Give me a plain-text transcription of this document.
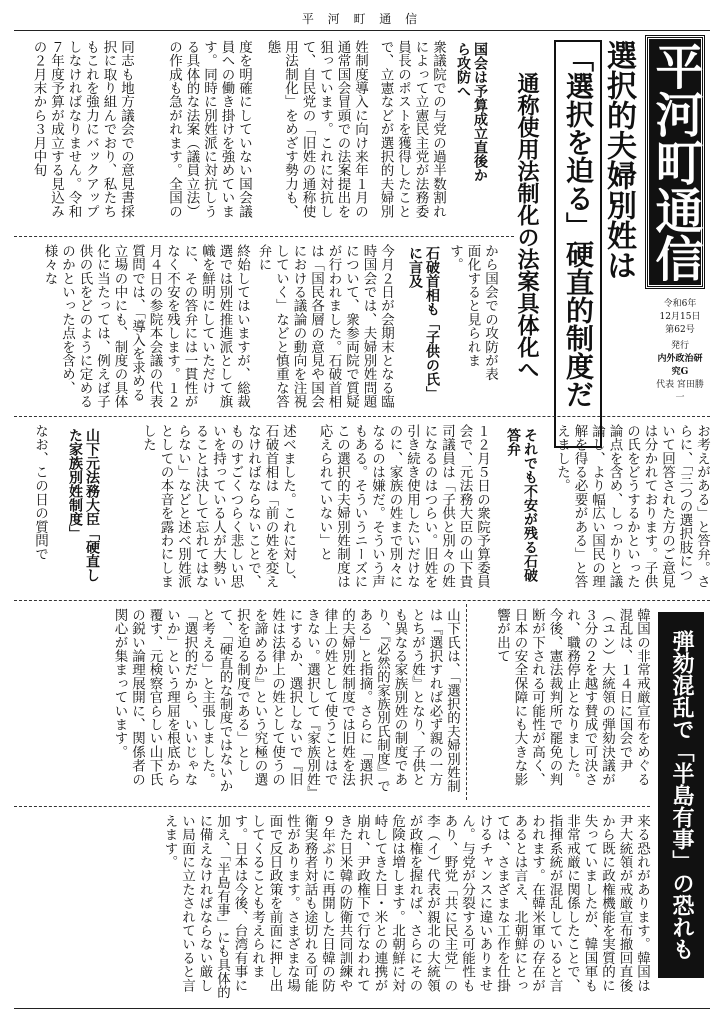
平 河 町 通 信
平河町通信
令和6年
12月15日
第62号
発行
内外政治研究G
代表 宮田勝一
選択的夫婦別姓は
「選択を迫る」硬直的制度だ
通称使用法制化の法案具体化へ
国会は予算成立直後から攻防へ
衆議院での与党の過半数割れによって立憲民主党が法務委員長のポストを獲得したことで、立憲などが選択的夫婦別
姓制度導入に向け来年１月の通常国会冒頭での法案提出を狙っています。これに対抗して、自民党の「旧姓の通称使用法制化」をめざす勢力も、態
度を明確にしていない国会議員への働き掛けを強めています。同時に別姓派に対抗しうる具体的な法案（議員立法）の作成も急がれます。全国の
同志も地方議会での意見書採択に取り組んでおり、私たちもこれを強力にバックアップしなければなりません。令和７年度予算が成立する見込みの２月末から３月中旬
から国会での攻防が表面化すると見られます。
石破首相も「子供の氏」に言及
今月２日が会期末となる臨時国会では、夫婦別姓問題について、衆参両院で質疑が行われました。石破首相は「国民各層の意見や国会における議論の動向を注視していく」などと慎重な答弁に
終始してはいますが、総裁選では別姓推進派として旗幟を鮮明にしていただけに、その答弁には一貫性がなく不安を残します。１２月４日の参院本会議の代表質問では、「導入を求める立場の中にも、制度の具体化に当たっては、例えば子供の氏をどのように定めるのかといった点を含め、様々な
お考えがある」と答弁。さらに、「三つの選択肢について回答された方のご意見は分かれております。子供の氏をどうするかといった論点を含め、しっかりと議論し、より幅広い国民の理解を得る必要がある」と答えました。
それでも不安が残る石破答弁
１２月５日の衆院予算委員会で、元法務大臣の山下貴司議員は「子供と別々の姓になるのはつらい。旧姓を引き続き使用したいだけなのに、家族の姓まで別々になるのは嫌だ。そういう声もある。そういうニーズにこの選択的夫婦別姓制度は応えられていない」と
述べました。これに対し、石破首相は「前の姓を変えなければならないことで、ものすごくつらく悲しい思いを持っている人が大勢いることは決して忘れてはならない」などと述べ別姓派としての本音を露わにしました
山下元法務大臣「硬直した家族別姓制度」
なお、この日の質問で
弾劾混乱で「半島有事」の恐れも
韓国の非常戒厳宣布をめぐる混乱は、１４日に国会で尹（ユン）大統領の弾劾決議が３分の２を越す賛成で可決され、職務停止となりました。今後、憲法裁判所で罷免の判断が下される可能性が高く、日本の安全保障にも大きな影響が出て
山下氏は、「選択的夫婦別姓制は『選択すれば必ず親の一方とちがう姓』となり、子供とも異なる家族別姓の制度であり、『必然的家族別氏制度』である」と指摘。さらに「選択的夫婦別姓制度では旧姓を法律上の姓として使うことはできない。選択して『家族別姓』にするか、選択しないで『旧姓は法律上の姓として使うのを諦めるか』という究極の選択を迫る制度である」として、「硬直的な制度ではないかと考える」と主張しました。「選択的だから、いいじゃないか」という理屈を根底から覆す、元検察官らしい山下氏の鋭い論理展開に、関係者の関心が集まっています。
来る恐れがあります。韓国は尹大統領が戒厳宣布撤回直後から既に政権機能を実質的に失っていましたが、韓国軍も非常戒厳に関係したことで、指揮系統が混乱していると言われます。在韓米軍の存在があるとは言え、北朝鮮にとっては、さまざまな工作を仕掛けるチャンスに違いありません。与党が分裂する可能性もあり、野党「共に民主党」の李（イ）代表が親北の大統領が政権を握れば、さらにその危険は増します。北朝鮮に対峙してきた日・米との連携が崩れ、尹政権下で行なわれてきた日米韓の防衛共同訓練や９年ぶりに再開した日韓の防衛実務者対話も途切れる可能性があります。さまざまな場面で反日政策を前面に押し出してくることも考えられます。日本は今後、台湾有事に加え、「半島有事」にも具体的に備えなければならない厳しい局面に立たされていると言えます。
